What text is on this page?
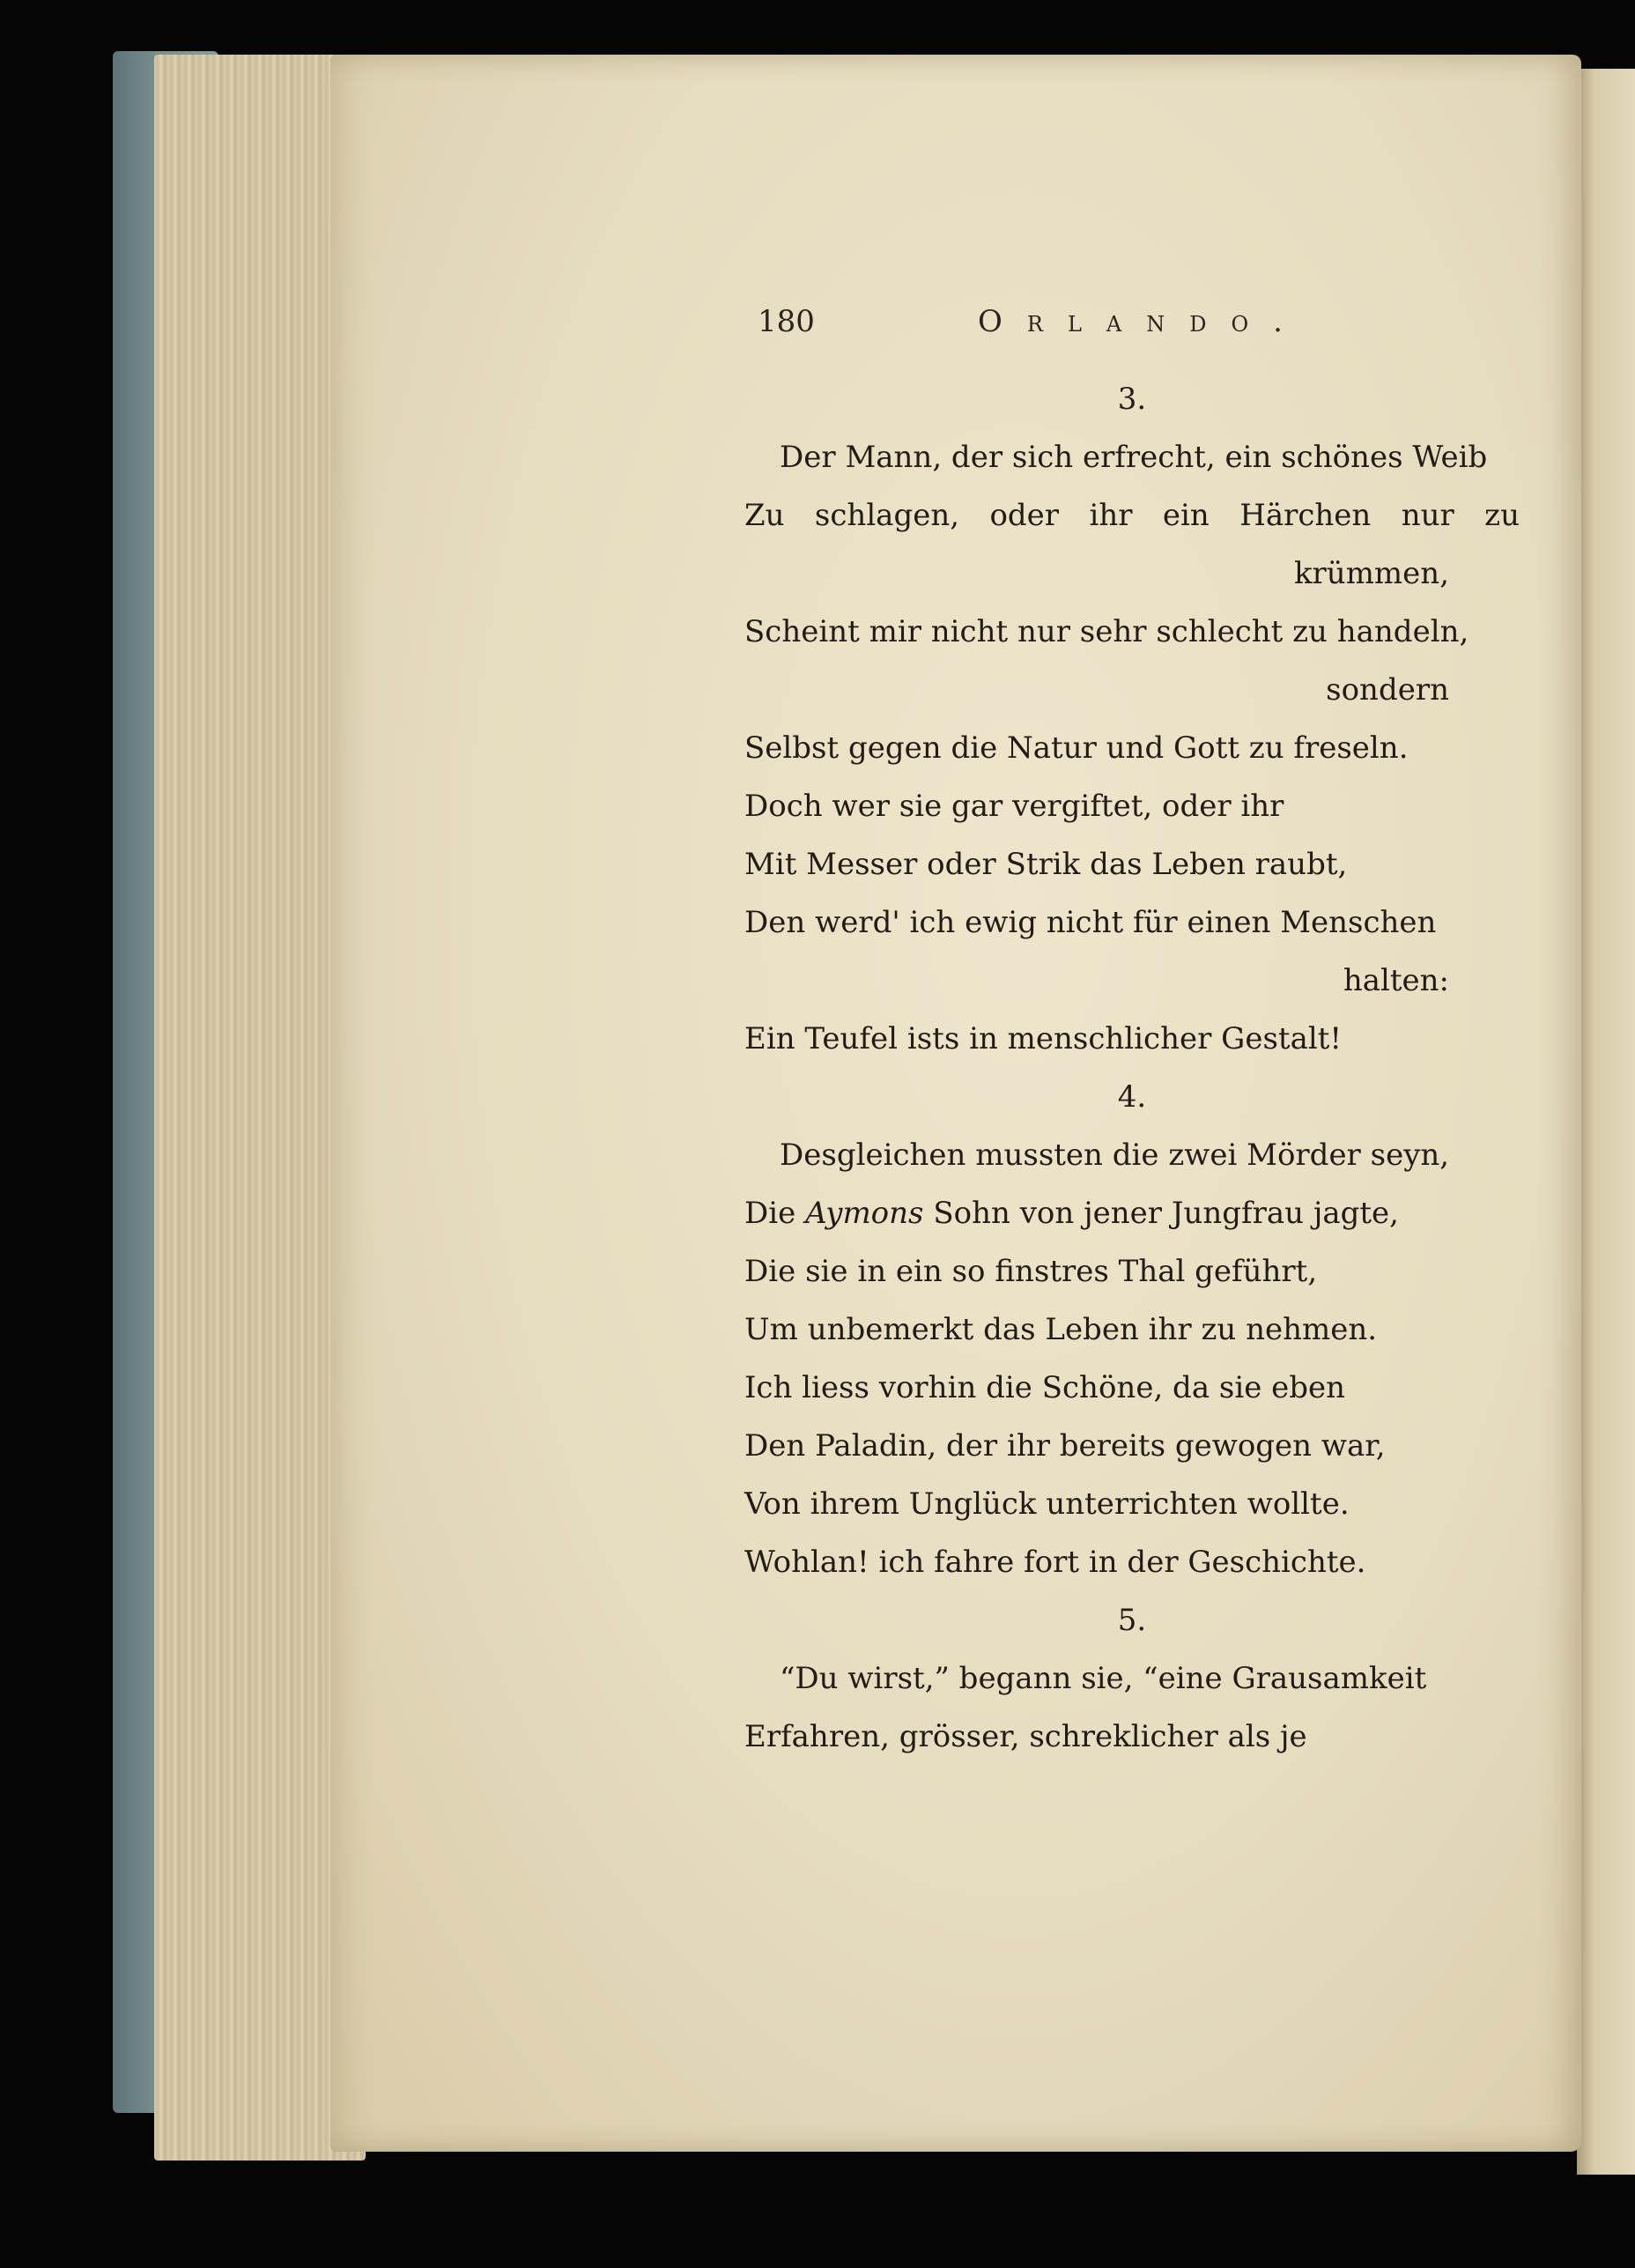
180	Orlando.
3.
Der Mann, der sich erfrecht, ein schönes Weib
Zu schlagen, oder ihr ein Härchen nur zu
krümmen,
Scheint mir nicht nur sehr schlecht zu handeln,
sondern
Selbst gegen die Natur und Gott zu freseln.
Doch wer sie gar vergiftet, oder ihr
Mit Messer oder Strik das Leben raubt,
Den werd' ich ewig nicht für einen Menschen
halten:
Ein Teufel ists in menschlicher Gestalt!
4.
Desgleichen mussten die zwei Mörder seyn,
Die Aymons Sohn von jener Jungfrau jagte,
Die sie in ein so finstres Thal geführt,
Um unbemerkt das Leben ihr zu nehmen.
Ich liess vorhin die Schöne, da sie eben
Den Paladin, der ihr bereits gewogen war,
Von ihrem Unglück unterrichten wollte.
Wohlan! ich fahre fort in der Geschichte.
5.
“Du wirst,” begann sie, “eine Grausamkeit
Erfahren, grösser, schreklicher als je
